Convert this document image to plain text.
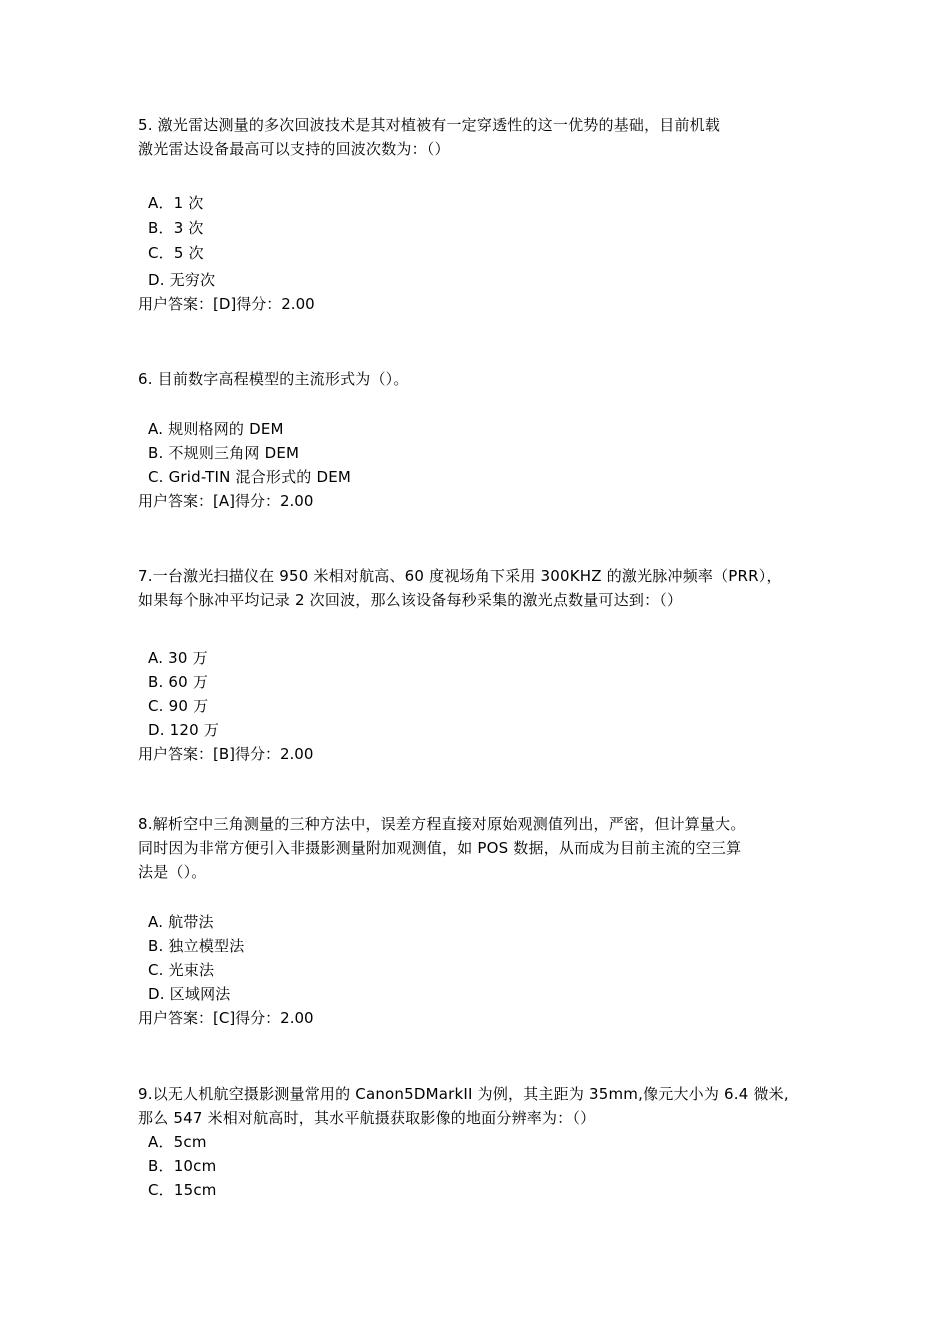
5. 激光雷达测量的多次回波技术是其对植被有一定穿透性的这一优势的基础，目前机载
激光雷达设备最高可以支持的回波次数为：（）
A．1 次
B．3 次
C．5 次
D. 无穷次
用户答案：[D]得分：2.00
6. 目前数字高程模型的主流形式为（）。
A. 规则格网的 DEM
B. 不规则三角网 DEM
C. Grid-TIN 混合形式的 DEM
用户答案：[A]得分：2.00
7.一台激光扫描仪在 950 米相对航高、60 度视场角下采用 300KHZ 的激光脉冲频率（PRR），
如果每个脉冲平均记录 2 次回波，那么该设备每秒采集的激光点数量可达到：（）
A. 30 万
B. 60 万
C. 90 万
D. 120 万
用户答案：[B]得分：2.00
8.解析空中三角测量的三种方法中，误差方程直接对原始观测值列出，严密，但计算量大。
同时因为非常方便引入非摄影测量附加观测值，如 POS 数据，从而成为目前主流的空三算
法是（）。
A. 航带法
B. 独立模型法
C. 光束法
D. 区域网法
用户答案：[C]得分：2.00
9.以无人机航空摄影测量常用的 Canon5DMarkII 为例，其主距为 35mm,像元大小为 6.4 微米,
那么 547 米相对航高时，其水平航摄获取影像的地面分辨率为：（）
A．5cm
B．10cm
C．15cm
